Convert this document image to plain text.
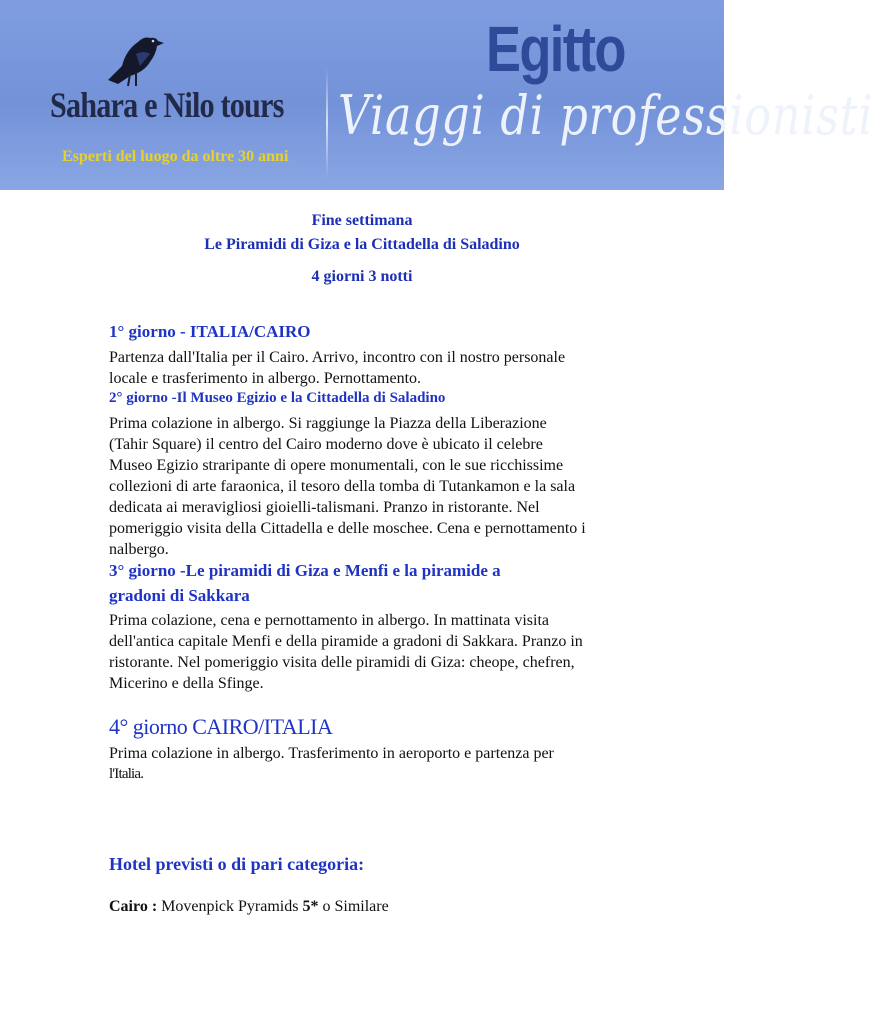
Sahara e Nilo tours
Esperti del luogo da oltre 30 anni
Egitto
Viaggi di professionisti
Fine settimana
Le Piramidi di Giza e la Cittadella di Saladino
4 giorni 3 notti
1° giorno - ITALIA/CAIRO
Partenza dall'Italia per il Cairo. Arrivo, incontro con il nostro personale
locale e trasferimento in albergo. Pernottamento.
2° giorno -Il Museo Egizio e la Cittadella di Saladino
Prima colazione in albergo. Si raggiunge la Piazza della Liberazione
(Tahir Square) il centro del Cairo moderno dove è ubicato il celebre
Museo Egizio straripante di opere monumentali, con le sue ricchissime
collezioni di arte faraonica, il tesoro della tomba di Tutankamon e la sala
dedicata ai meravigliosi gioielli-talismani. Pranzo in ristorante. Nel
pomeriggio visita della Cittadella e delle moschee. Cena e pernottamento i
nalbergo.
3° giorno -Le piramidi di Giza e Menfi e la piramide a
gradoni di Sakkara
Prima colazione, cena e pernottamento in albergo. In mattinata visita
dell'antica capitale Menfi e della piramide a gradoni di Sakkara. Pranzo in
ristorante. Nel pomeriggio visita delle piramidi di Giza: cheope, chefren,
Micerino e della Sfinge.
4° giorno CAIRO/ITALIA
Prima colazione in albergo. Trasferimento in aeroporto e partenza per
l'Italia.
Hotel previsti o di pari categoria:
Cairo : Movenpick Pyramids 5* o Similare
